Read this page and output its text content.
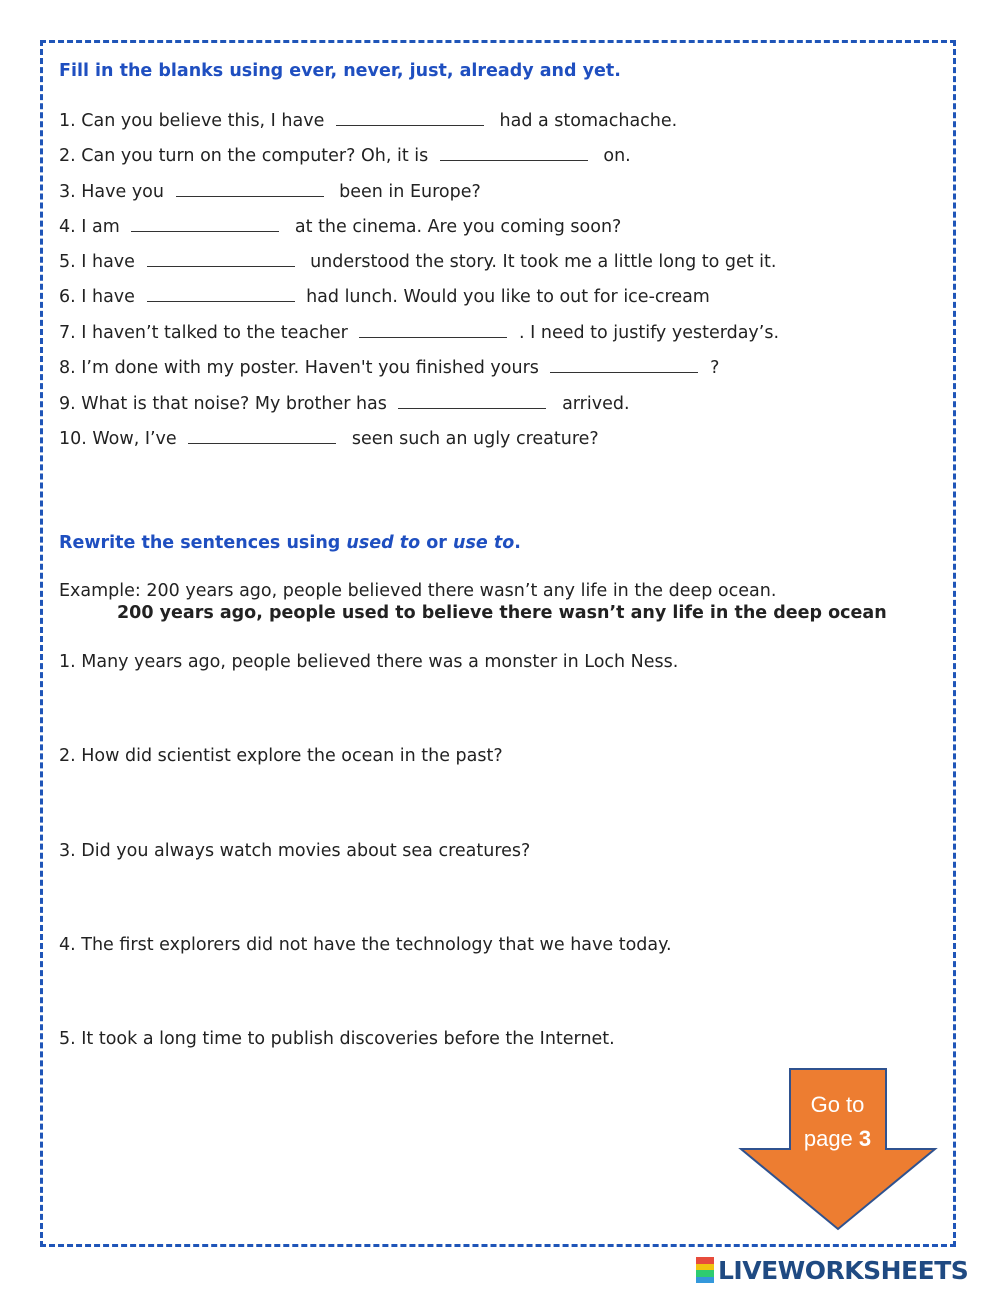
Fill in the blanks using ever, never, just, already and yet.
1. Can you believe this, I have	had a stomachache.
2. Can you turn on the computer? Oh, it is	on.
3. Have you	been in Europe?
4. I am	at the cinema. Are you coming soon?
5. I have	understood the story. It took me a little long to get it.
6. I have	had lunch. Would you like to out for ice-cream
7. I haven’t talked to the teacher	. I need to justify yesterday’s.
8. I’m done with my poster. Haven't you finished yours	?
9. What is that noise? My brother has	arrived.
10. Wow, I’ve	seen such an ugly creature?
Rewrite the sentences using used to or use to.
Example: 200 years ago, people believed there wasn’t any life in the deep ocean.
200 years ago, people used to believe there wasn’t any life in the deep ocean
1. Many years ago, people believed there was a monster in Loch Ness.
2. How did scientist explore the ocean in the past?
3. Did you always watch movies about sea creatures?
4. The first explorers did not have the technology that we have today.
5. It took a long time to publish discoveries before the Internet.
Go to
page 3
LIVEWORKSHEETS
